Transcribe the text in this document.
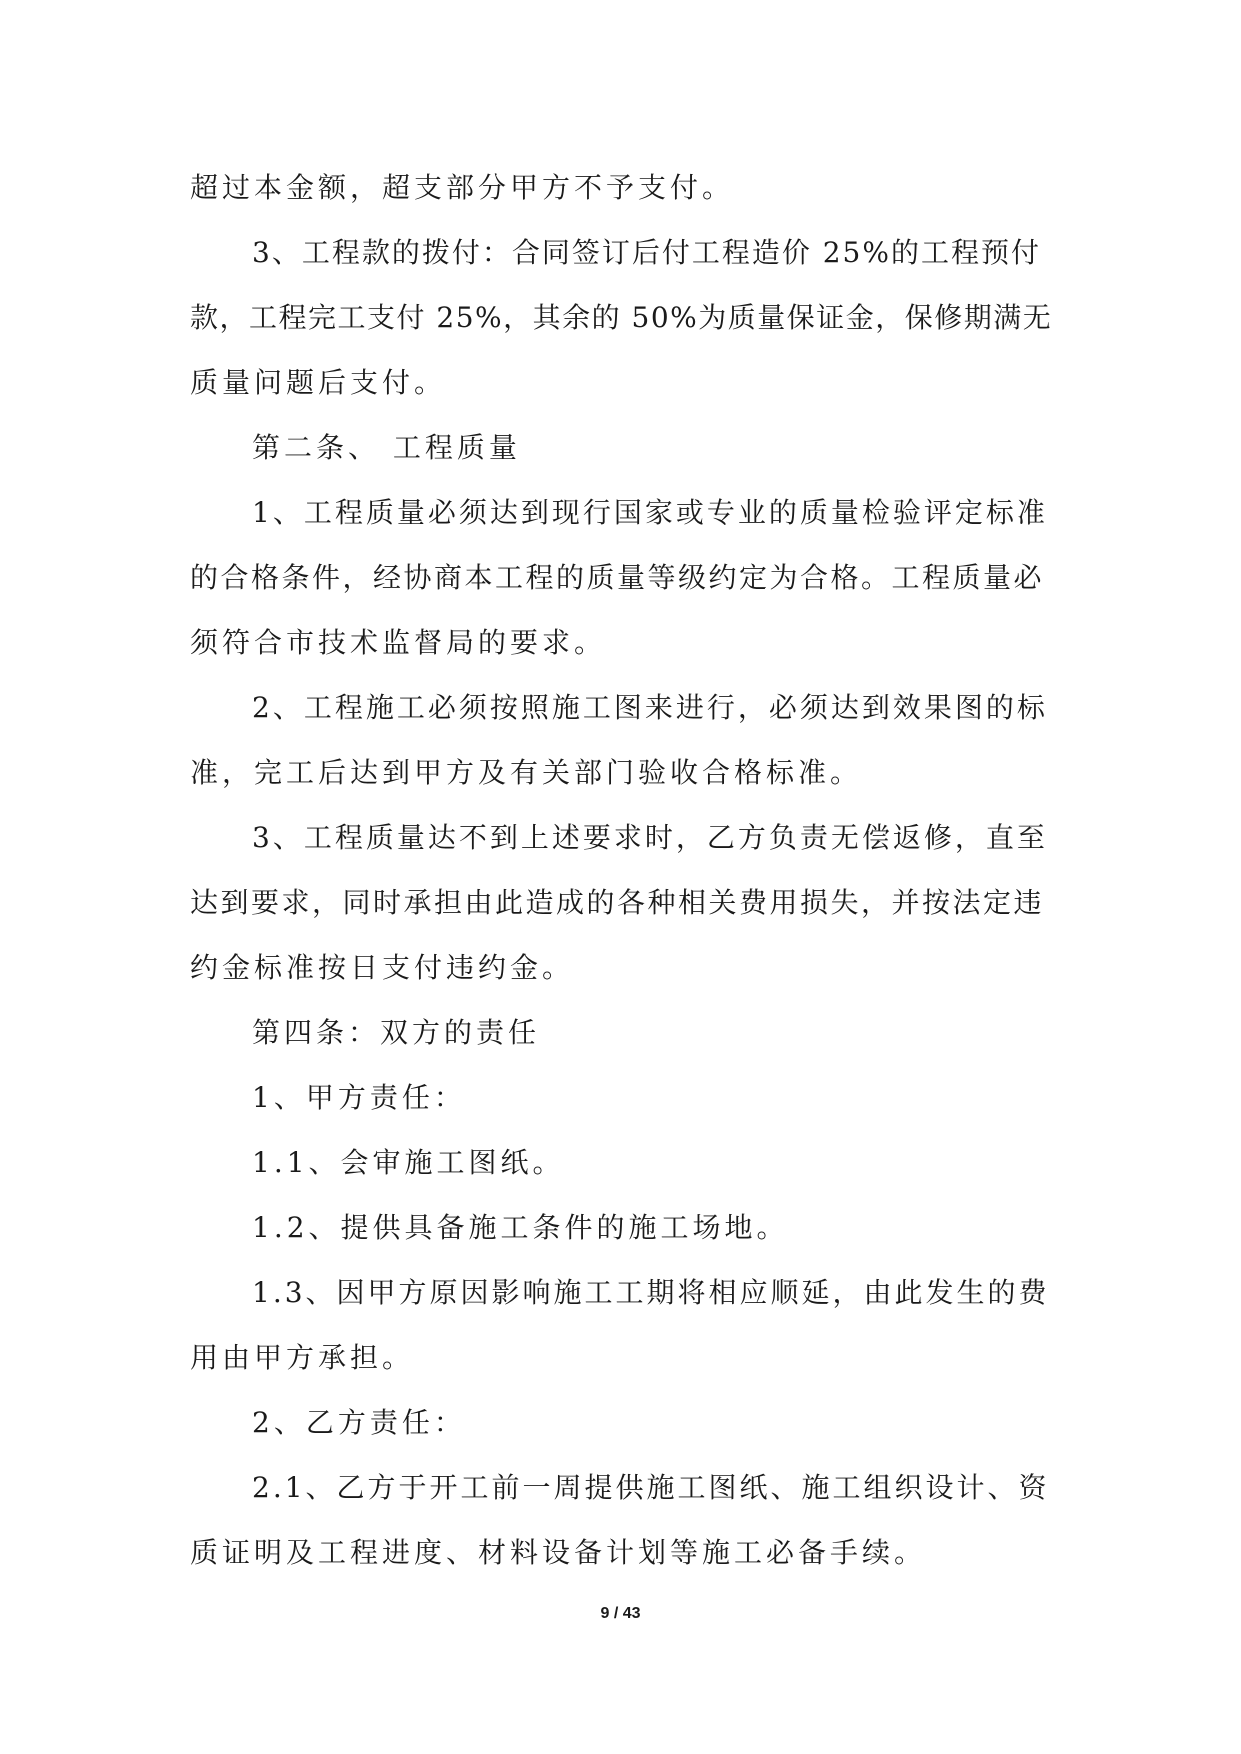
超过本金额，超支部分甲方不予支付。
3、工程款的拨付：合同签订后付工程造价 25%的工程预付
款，工程完工支付 25%，其余的 50%为质量保证金，保修期满无
质量问题后支付。
第二条、 工程质量
1、工程质量必须达到现行国家或专业的质量检验评定标准
的合格条件，经协商本工程的质量等级约定为合格。工程质量必
须符合市技术监督局的要求。
2、工程施工必须按照施工图来进行，必须达到效果图的标
准，完工后达到甲方及有关部门验收合格标准。
3、工程质量达不到上述要求时，乙方负责无偿返修，直至
达到要求，同时承担由此造成的各种相关费用损失，并按法定违
约金标准按日支付违约金。
第四条：双方的责任
1、甲方责任：
1.1、会审施工图纸。
1.2、提供具备施工条件的施工场地。
1.3、因甲方原因影响施工工期将相应顺延，由此发生的费
用由甲方承担。
2、乙方责任：
2.1、乙方于开工前一周提供施工图纸、施工组织设计、资
质证明及工程进度、材料设备计划等施工必备手续。
9 / 43
